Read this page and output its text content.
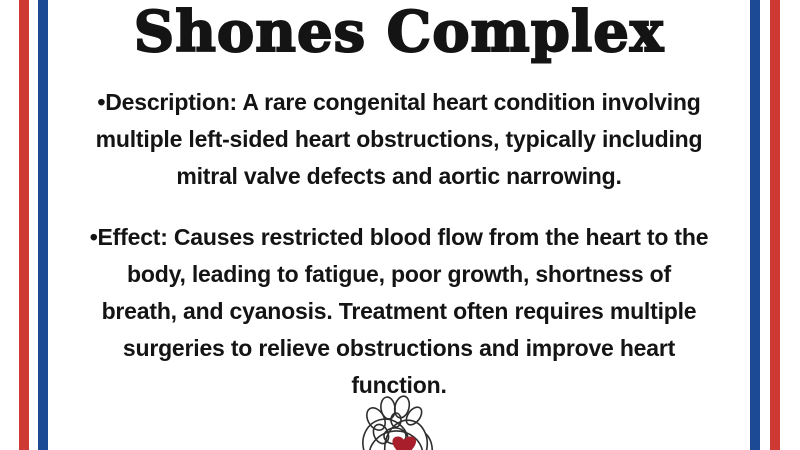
Shones Complex

•Description: A rare congenital heart condition involving
multiple left-sided heart obstructions, typically including
mitral valve defects and aortic narrowing.

•Effect: Causes restricted blood flow from the heart to the
body, leading to fatigue, poor growth, shortness of
breath, and cyanosis. Treatment often requires multiple
surgeries to relieve obstructions and improve heart
function.
